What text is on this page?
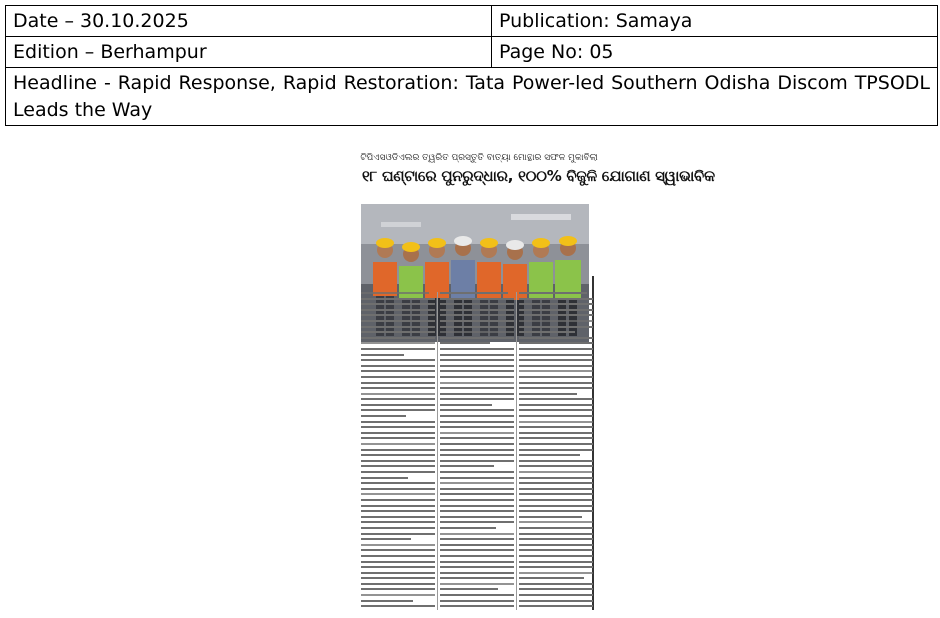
Date – 30.10.2025	Publication: Samaya
Edition – Berhampur	Page No: 05
Headline - Rapid Response, Rapid Restoration: Tata Power-led Southern Odisha Discom TPSODL Leads the Way	
ଟିପିଏସଓଡିଏଲର ତ୍ୱରିତ ପ୍ରସ୍ତୁତି ବାତ୍ୟା ମୋନ୍ଥାର ସଫଳ ମୁକାବିଲା
୧୮ ଘଣ୍ଟାରେ ପୁନରୁଦ୍ଧାର, ୧୦୦% ବିଜୁଳି ଯୋଗାଣ ସ୍ୱାଭାବିକ
